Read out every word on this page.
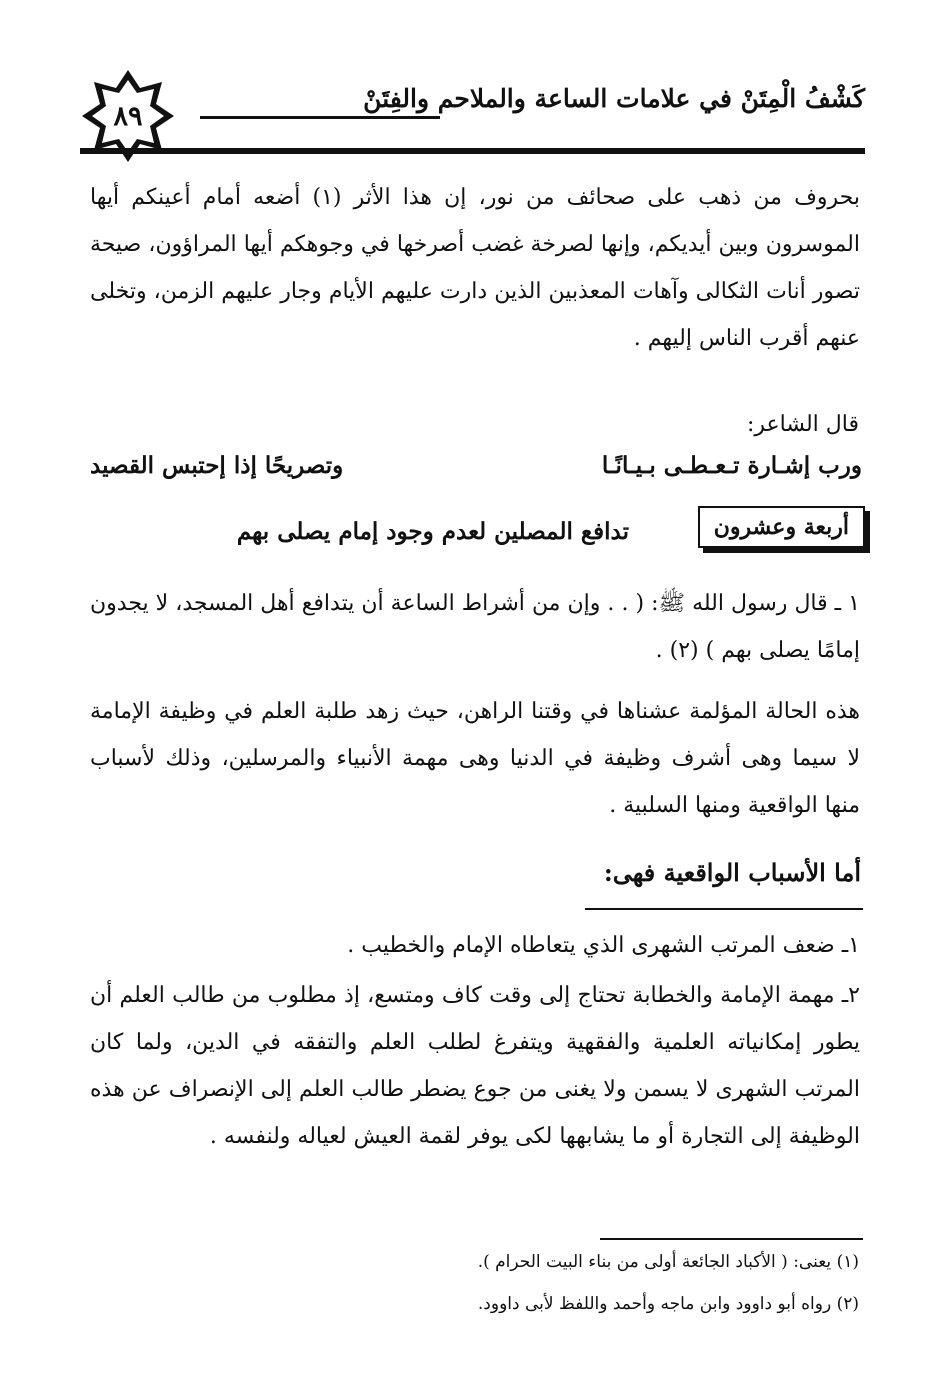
٨٩
كَشْفُ الْمِتَنْ في علامات الساعة والملاحم والفِتَنْ

بحروف من ذهب على صحائف من نور، إن هذا الأثر (١) أضعه أمام أعينكم أيها الموسرون وبين أيديكم، وإنها لصرخة غضب أصرخها في وجوهكم أيها المراؤون، صيحة تصور أنات الثكالى وآهات المعذبين الذين دارت عليهم الأيام وجار عليهم الزمن، وتخلى عنهم أقرب الناس إليهم .

قال الشاعر:
ورب إشـارة تـعـطـى بـيـانًـا
وتصريحًا إذا إحتبس القصيد
أربعة وعشرون
تدافع المصلين لعدم وجود إمام يصلى بهم

١ ـ قال رسول الله ﷺ: ( . . وإن من أشراط الساعة أن يتدافع أهل المسجد، لا يجدون إمامًا يصلى بهم ) (٢) .

هذه الحالة المؤلمة عشناها في وقتنا الراهن، حيث زهد طلبة العلم في وظيفة الإمامة لا سيما وهى أشرف وظيفة في الدنيا وهى مهمة الأنبياء والمرسلين، وذلك لأسباب منها الواقعية ومنها السلبية .

أما الأسباب الواقعية فهى:

١ـ ضعف المرتب الشهرى الذي يتعاطاه الإمام والخطيب .

٢ـ مهمة الإمامة والخطابة تحتاج إلى وقت كاف ومتسع، إذ مطلوب من طالب العلم أن يطور إمكانياته العلمية والفقهية ويتفرغ لطلب العلم والتفقه في الدين، ولما كان المرتب الشهرى لا يسمن ولا يغنى من جوع يضطر طالب العلم إلى الإنصراف عن هذه الوظيفة إلى التجارة أو ما يشابهها لكى يوفر لقمة العيش لعياله ولنفسه .

(١) يعنى: ( الأكباد الجائعة أولى من بناء البيت الحرام ).
(٢) رواه أبو داوود وابن ماجه وأحمد واللفظ لأبى داوود.
